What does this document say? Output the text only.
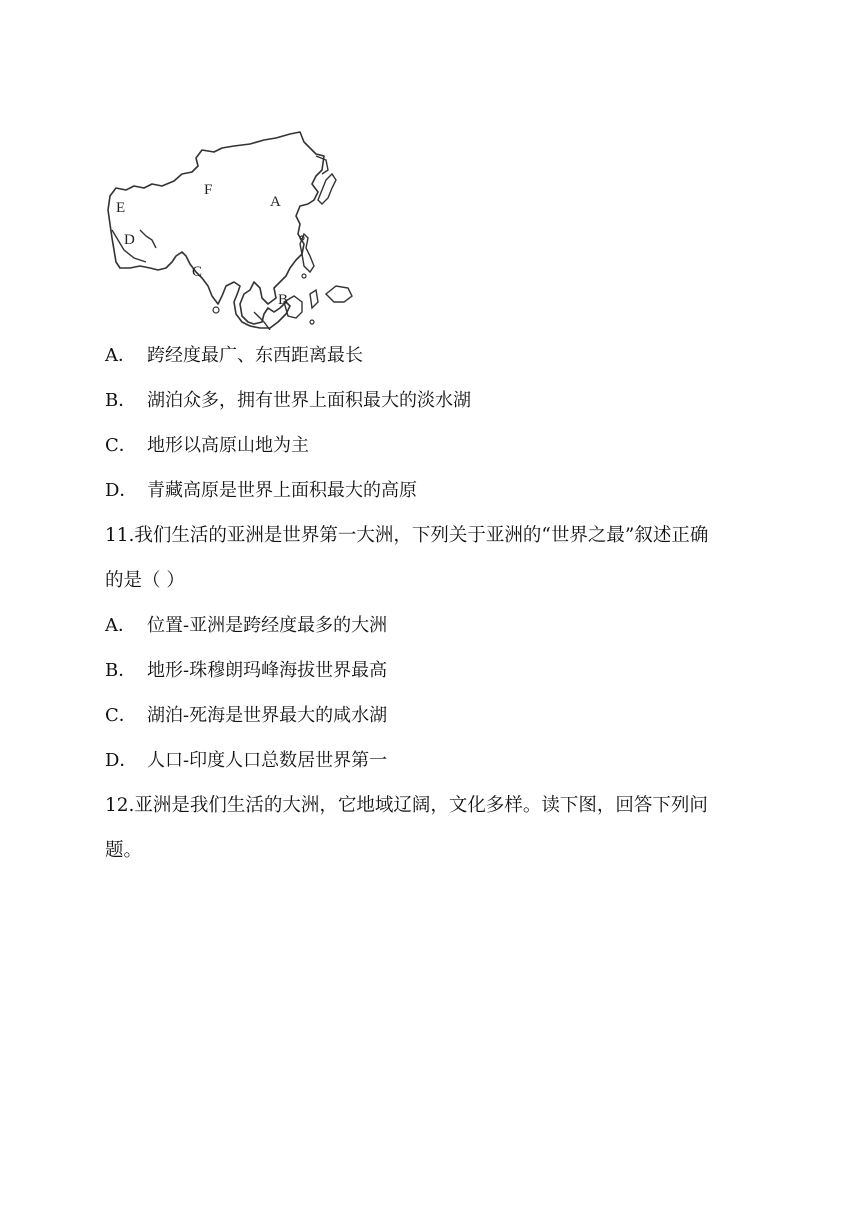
F
A
E
D
C
B
A． 跨经度最广、东西距离最长
B． 湖泊众多，拥有世界上面积最大的淡水湖
C． 地形以高原山地为主
D． 青藏高原是世界上面积最大的高原
11.我们生活的亚洲是世界第一大洲，下列关于亚洲的“世界之最”叙述正确
的是（ ）
A． 位置-亚洲是跨经度最多的大洲
B． 地形-珠穆朗玛峰海拔世界最高
C． 湖泊-死海是世界最大的咸水湖
D． 人口-印度人口总数居世界第一
12.亚洲是我们生活的大洲，它地域辽阔，文化多样。读下图，回答下列问
题。
